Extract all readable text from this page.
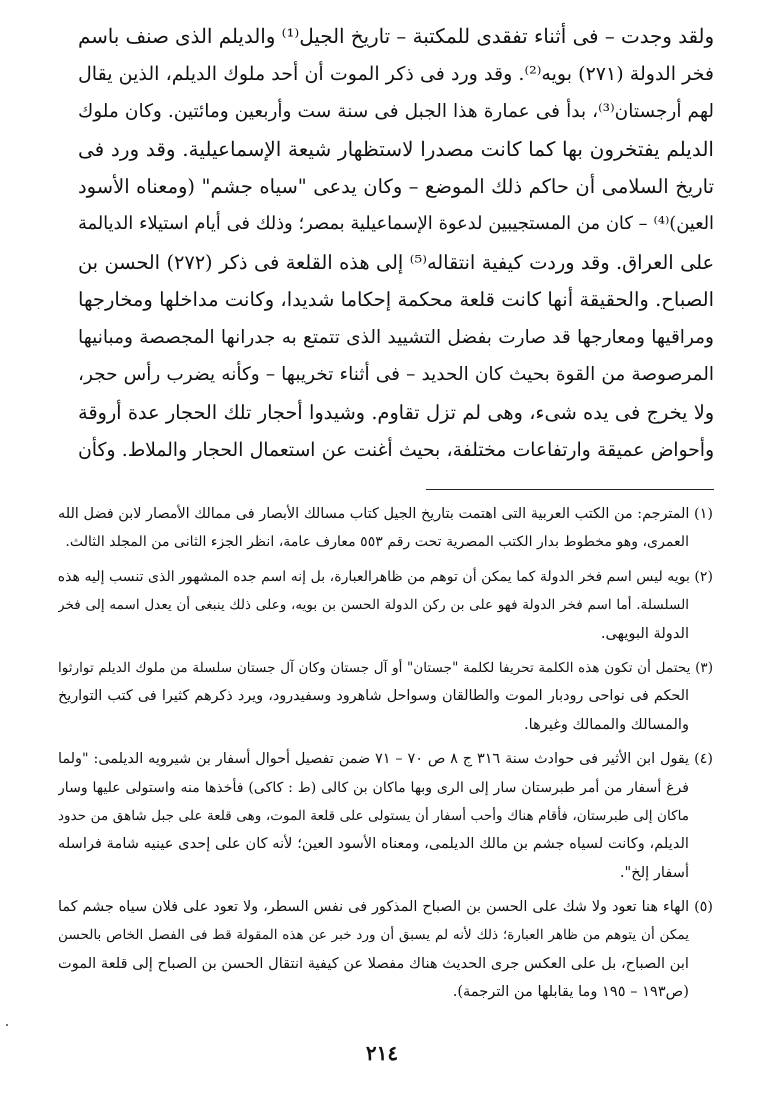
ولقد وجدت – فى أثناء تفقدى للمكتبة – تاريخ الجيل⁽¹⁾ والديلم الذى صنف باسم
فخر الدولة (٢٧١) بويه⁽²⁾. وقد ورد فى ذكر الموت أن أحد ملوك الديلم، الذين يقال
لهم أرجستان⁽³⁾، بدأ فى عمارة هذا الجبل فى سنة ست وأربعين ومائتين. وكان ملوك
الديلم يفتخرون بها كما كانت مصدرا لاستظهار شيعة الإسماعيلية. وقد ورد فى
تاريخ السلامى أن حاكم ذلك الموضع – وكان يدعى "سياه جشم" (ومعناه الأسود
العين)⁽⁴⁾ – كان من المستجيبين لدعوة الإسماعيلية بمصر؛ وذلك فى أيام استيلاء الديالمة
على العراق. وقد وردت كيفية انتقاله⁽⁵⁾ إلى هذه القلعة فى ذكر (٢٧٢) الحسن بن
الصباح. والحقيقة أنها كانت قلعة محكمة إحكاما شديدا، وكانت مداخلها ومخارجها
ومراقيها ومعارجها قد صارت بفضل التشييد الذى تتمتع به جدرانها المجصصة ومبانيها
المرصوصة من القوة بحيث كان الحديد – فى أثناء تخريبها – وكأنه يضرب رأس حجر،
ولا يخرج فى يده شىء، وهى لم تزل تقاوم. وشيدوا أحجار تلك الحجار عدة أروقة
وأحواض عميقة وارتفاعات مختلفة، بحيث أغنت عن استعمال الحجار والملاط. وكأن
(١) المترجم: من الكتب العربية التى اهتمت بتاريخ الجيل كتاب مسالك الأبصار فى ممالك الأمصار لابن فضل الله
العمرى، وهو مخطوط بدار الكتب المصرية تحت رقم ٥٥٣ معارف عامة، انظر الجزء الثانى من المجلد الثالث.
(٢) بويه ليس اسم فخر الدولة كما يمكن أن توهم من ظاهرالعبارة، بل إنه اسم جده المشهور الذى تنسب إليه هذه
السلسلة. أما اسم فخر الدولة فهو على بن ركن الدولة الحسن بن بويه، وعلى ذلك ينبغى أن يعدل اسمه إلى فخر
الدولة البويهى.
(٣) يحتمل أن تكون هذه الكلمة تحريفا لكلمة "جستان" أو آل جستان وكان آل جستان سلسلة من ملوك الديلم توارثوا
الحكم فى نواحى رودبار الموت والطالقان وسواحل شاهرود وسفيدرود، ويرد ذكرهم كثيرا فى كتب التواريخ
والمسالك والممالك وغيرها.
(٤) يقول ابن الأثير فى حوادث سنة ٣١٦ ج ٨ ص ٧٠ – ٧١ ضمن تفصيل أحوال أسفار بن شيرويه الديلمى: "ولما
فرغ أسفار من أمر طبرستان سار إلى الرى وبها ماكان بن كالى (ط : كاكى) فأخذها منه واستولى عليها وسار
ماكان إلى طبرستان، فأقام هناك وأحب أسفار أن يستولى على قلعة الموت، وهى قلعة على جبل شاهق من حدود
الديلم، وكانت لسياه جشم بن مالك الديلمى، ومعناه الأسود العين؛ لأنه كان على إحدى عينيه شامة فراسله
أسفار إلخ".
(٥) الهاء هنا تعود ولا شك على الحسن بن الصباح المذكور فى نفس السطر، ولا تعود على فلان سياه جشم كما
يمكن أن يتوهم من ظاهر العبارة؛ ذلك لأنه لم يسبق أن ورد خبر عن هذه المقولة قط فى الفصل الخاص بالحسن
ابن الصباح، بل على العكس جرى الحديث هناك مفصلا عن كيفية انتقال الحسن بن الصباح إلى قلعة الموت
(ص١٩٣ – ١٩٥ وما يقابلها من الترجمة).
٢١٤
